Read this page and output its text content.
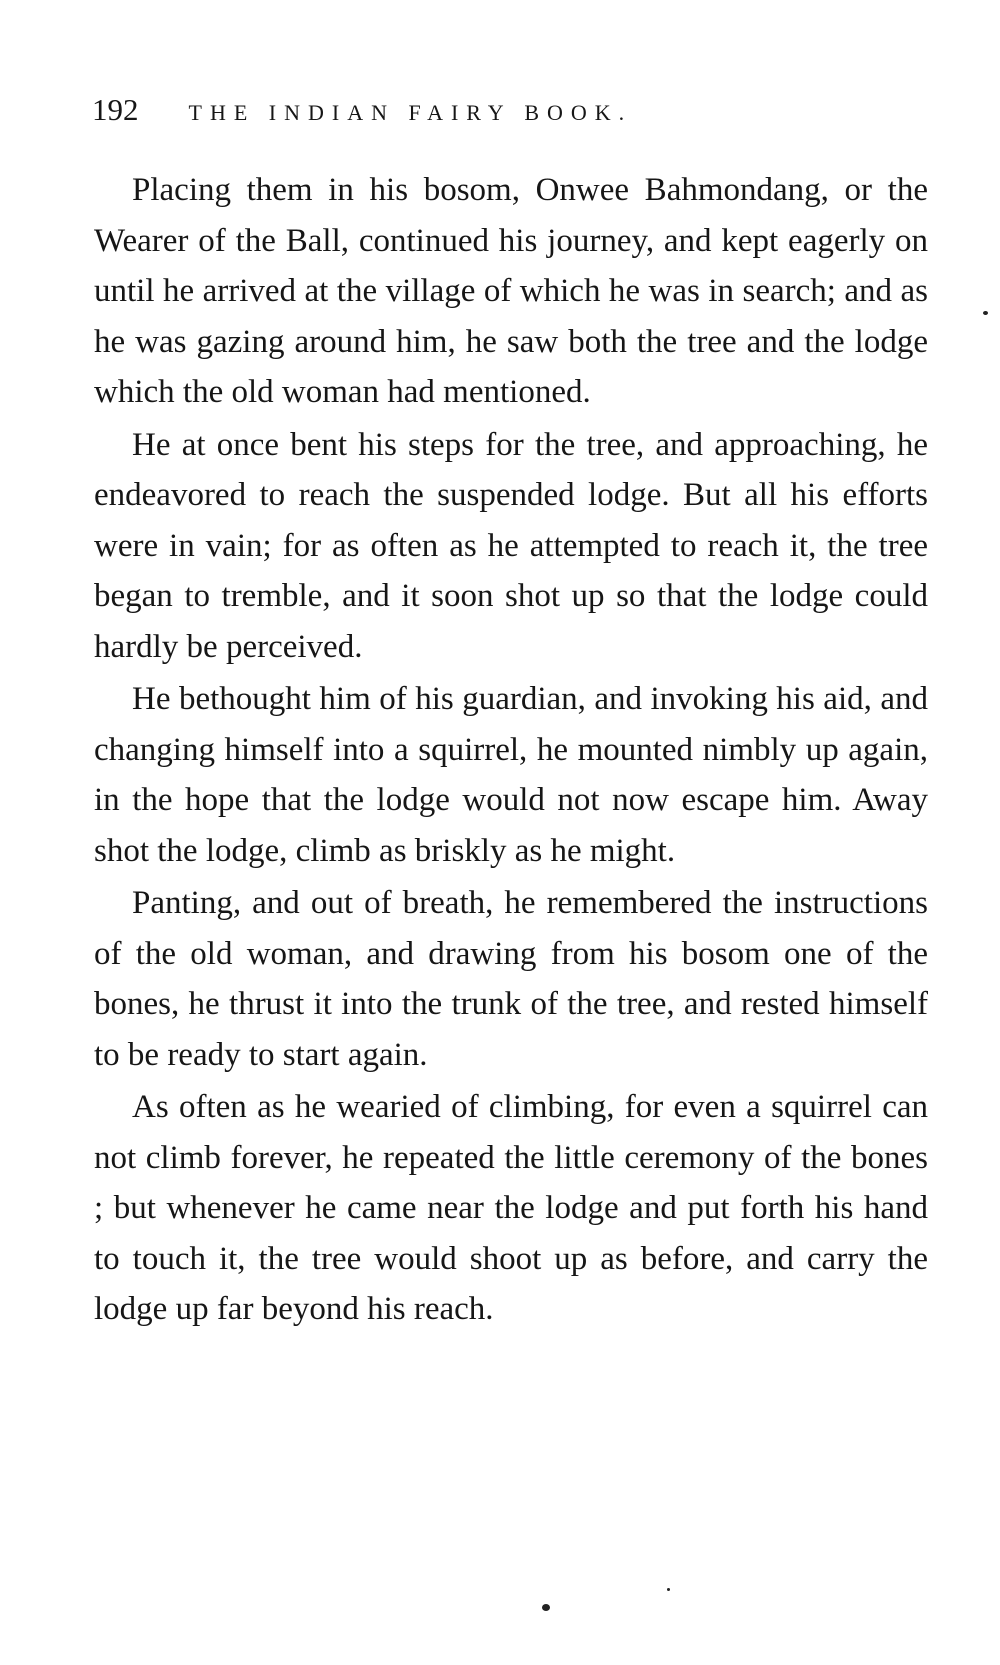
192 THE INDIAN FAIRY BOOK.

Placing them in his bosom, Onwee Bahmondang, or the Wearer of the Ball, continued his journey, and kept eagerly on until he arrived at the village of which he was in search; and as he was gazing around him, he saw both the tree and the lodge which the old woman had mentioned.

He at once bent his steps for the tree, and approaching, he endeavored to reach the suspended lodge. But all his efforts were in vain; for as often as he attempted to reach it, the tree began to tremble, and it soon shot up so that the lodge could hardly be perceived.

He bethought him of his guardian, and invoking his aid, and changing himself into a squirrel, he mounted nimbly up again, in the hope that the lodge would not now escape him. Away shot the lodge, climb as briskly as he might.

Panting, and out of breath, he remembered the instructions of the old woman, and drawing from his bosom one of the bones, he thrust it into the trunk of the tree, and rested himself to be ready to start again.

As often as he wearied of climbing, for even a squirrel can not climb forever, he repeated the little ceremony of the bones ; but whenever he came near the lodge and put forth his hand to touch it, the tree would shoot up as before, and carry the lodge up far beyond his reach.
